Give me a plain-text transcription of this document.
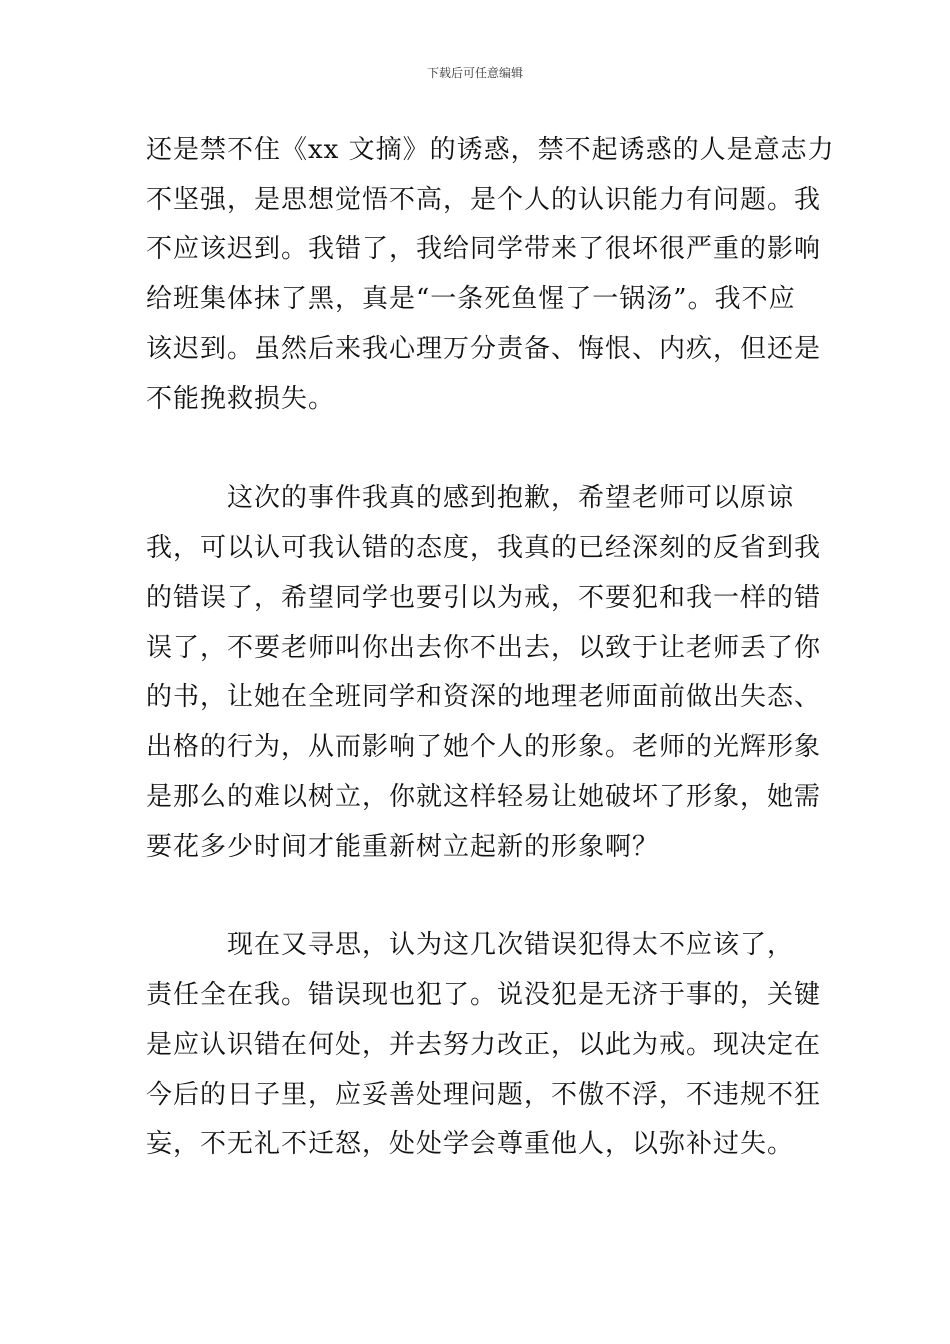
下载后可任意编辑
还是禁不住《xx 文摘》的诱惑，禁不起诱惑的人是意志力
不坚强，是思想觉悟不高，是个人的认识能力有问题。我
不应该迟到。我错了，我给同学带来了很坏很严重的影响
给班集体抹了黑，真是“一条死鱼惺了一锅汤”。我不应
该迟到。虽然后来我心理万分责备、悔恨、内疚，但还是
不能挽救损失。
　　　这次的事件我真的感到抱歉，希望老师可以原谅
我，可以认可我认错的态度，我真的已经深刻的反省到我
的错误了，希望同学也要引以为戒，不要犯和我一样的错
误了，不要老师叫你出去你不出去，以致于让老师丢了你
的书，让她在全班同学和资深的地理老师面前做出失态、
出格的行为，从而影响了她个人的形象。老师的光辉形象
是那么的难以树立，你就这样轻易让她破坏了形象，她需
要花多少时间才能重新树立起新的形象啊？
　　　现在又寻思，认为这几次错误犯得太不应该了，
责任全在我。错误现也犯了。说没犯是无济于事的，关键
是应认识错在何处，并去努力改正，以此为戒。现决定在
今后的日子里，应妥善处理问题，不傲不浮，不违规不狂
妄，不无礼不迁怒，处处学会尊重他人，以弥补过失。
